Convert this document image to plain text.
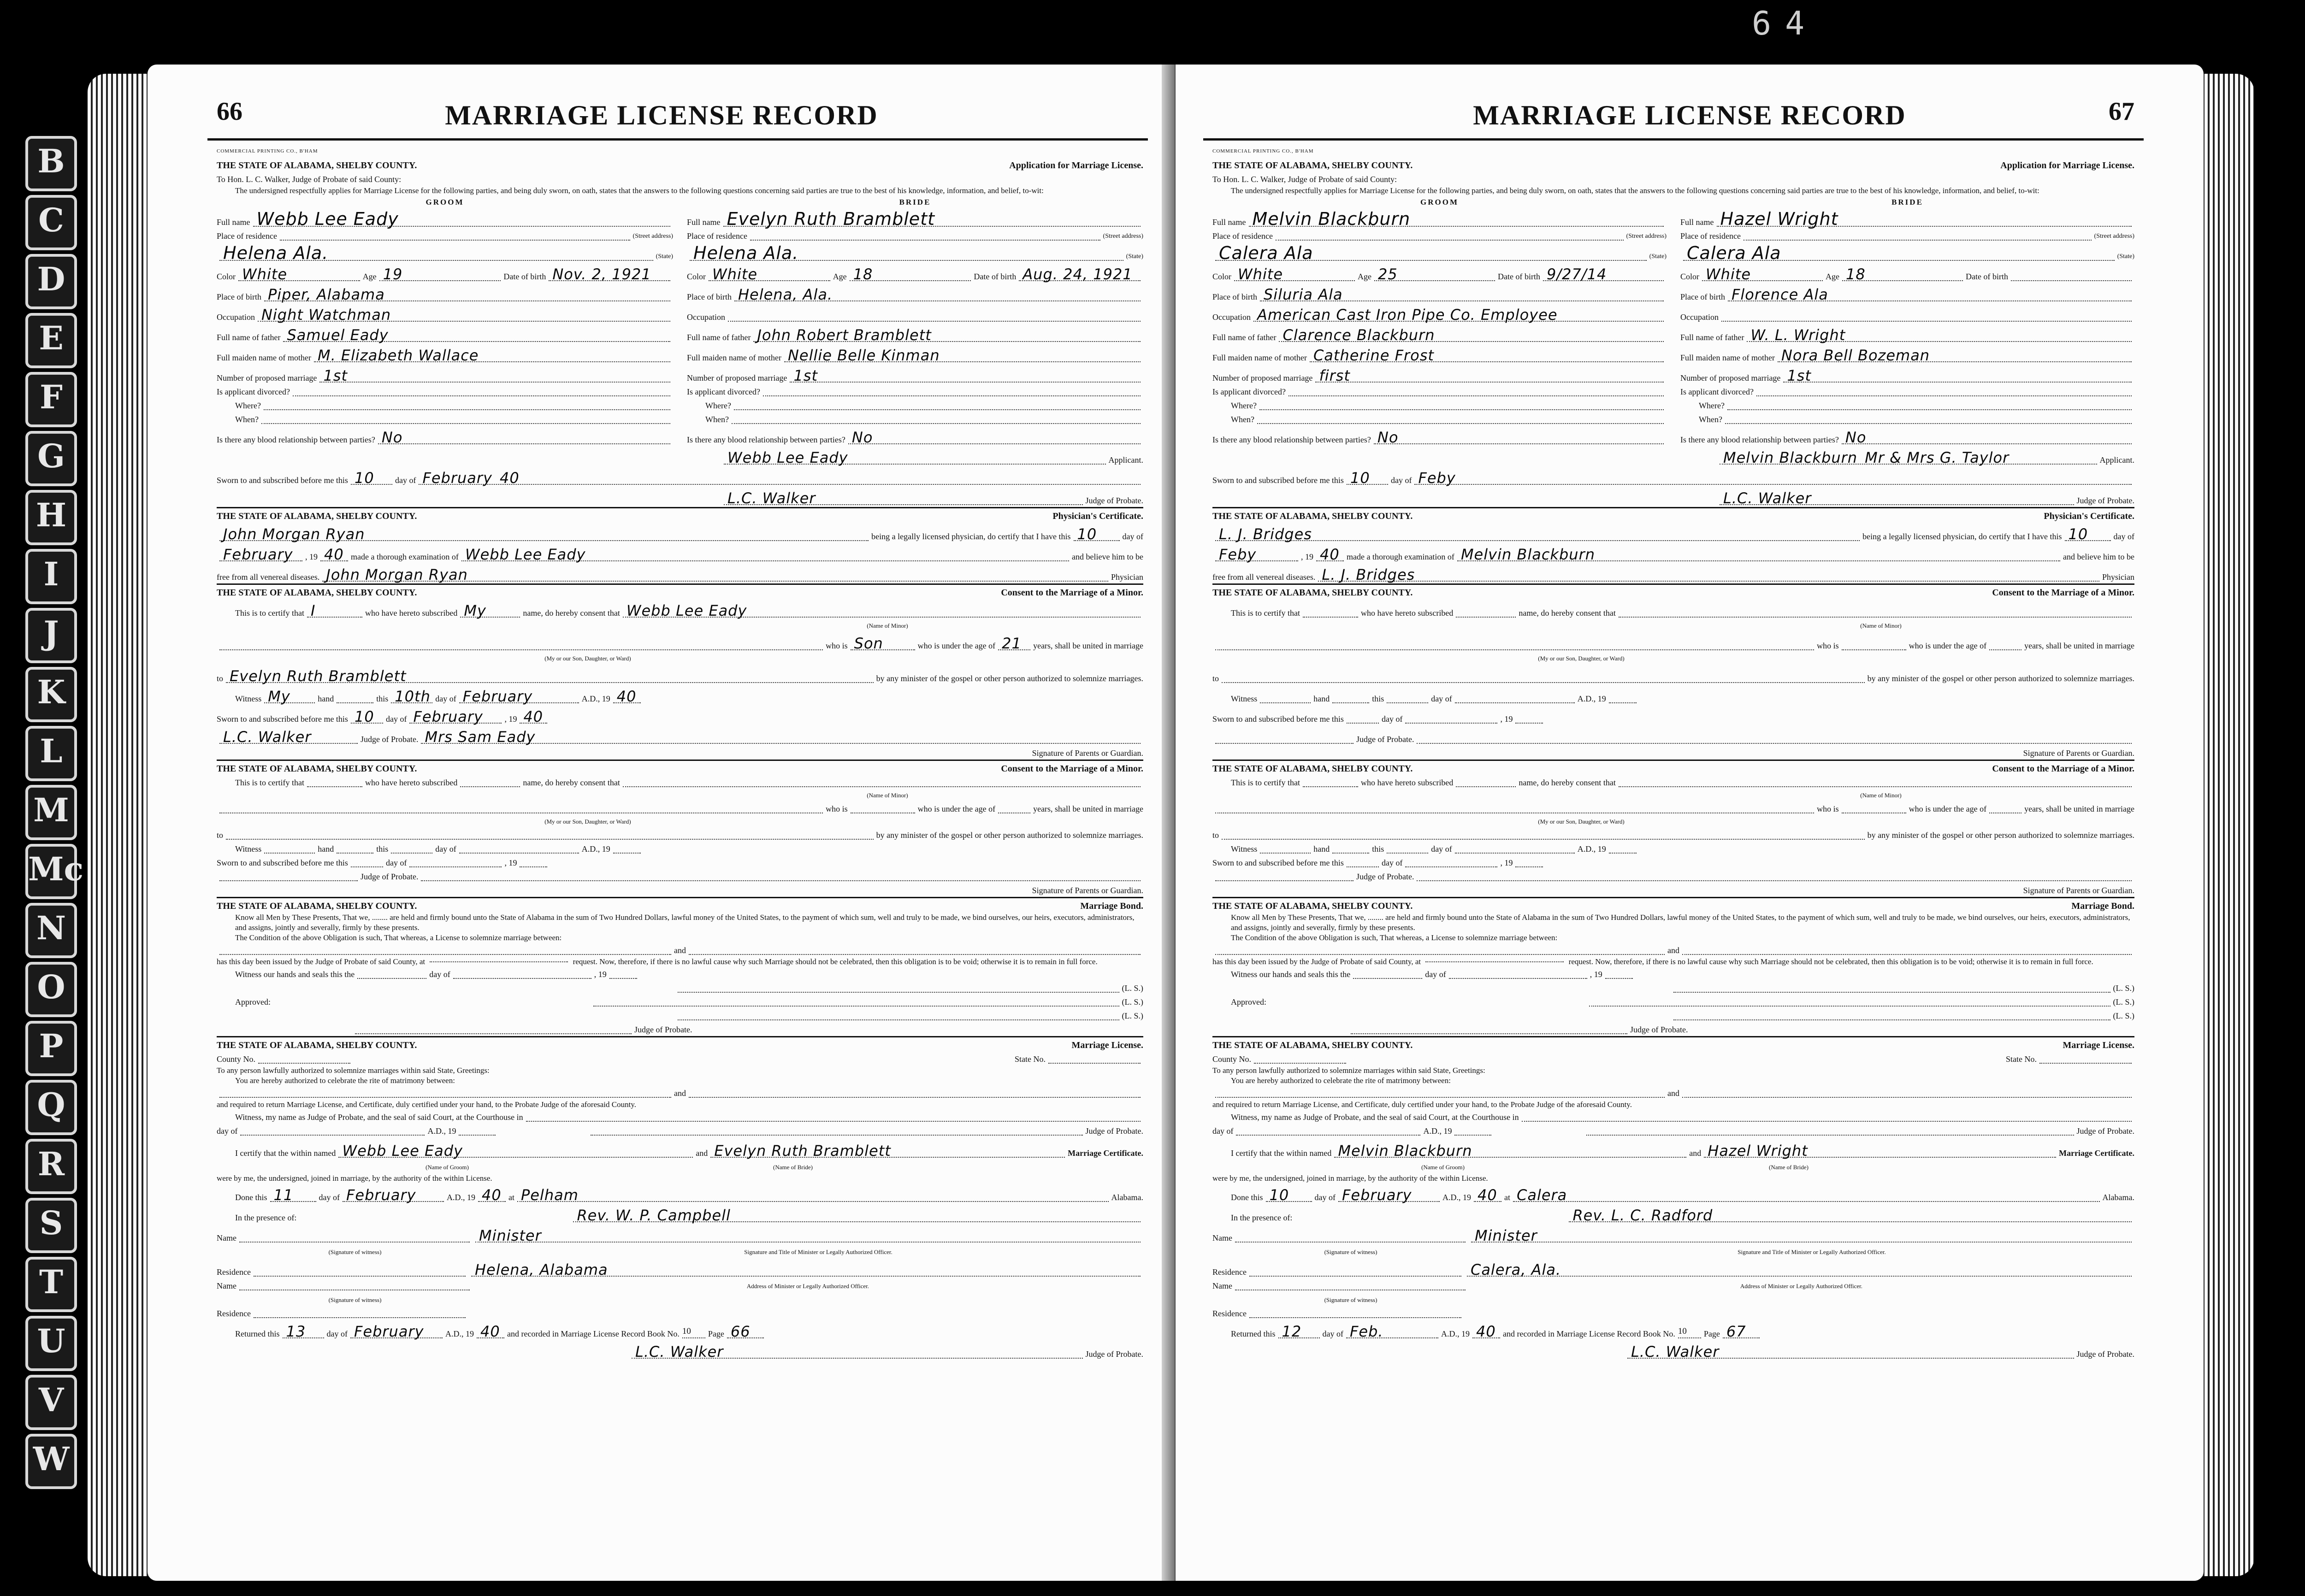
B
C
D
E
F
G
H
I
J
K
L
M
Mc
N
O
P
Q
R
S
T
U
V
W
64
66	MARRIAGE LICENSE RECORD
COMMERCIAL PRINTING CO., B'HAM
THE STATE OF ALABAMA, SHELBY COUNTY.	Application for Marriage License.
To Hon. L. C. Walker, Judge of Probate of said County:
The undersigned respectfully applies for Marriage License for the following parties, and being duly sworn, on oath, states that the answers to the following questions concerning said parties are true to the best of his knowledge, information, and belief, to-wit:
GROOM
Full name Webb Lee Eady
Place of residence	(Street address)
Helena Ala.	(State)
Color White	Age 19	Date of birth Nov. 2, 1921
Place of birth Piper, Alabama
Occupation Night Watchman
Full name of father Samuel Eady
Full maiden name of mother M. Elizabeth Wallace
Number of proposed marriage 1st
Is applicant divorced?
Where?
When?
Is there any blood relationship between parties? No
BRIDE
Full name Evelyn Ruth Bramblett
Place of residence	(Street address)
Helena Ala.	(State)
Color White	Age 18	Date of birth Aug. 24, 1921
Place of birth Helena, Ala.
Occupation
Full name of father John Robert Bramblett
Full maiden name of mother Nellie Belle Kinman
Number of proposed marriage 1st
Is applicant divorced?
Where?
When?
Is there any blood relationship between parties? No
Webb Lee Eady	Applicant.
Sworn to and subscribed before me this 10	day of February 40
L.C. Walker	Judge of Probate.
THE STATE OF ALABAMA, SHELBY COUNTY.	Physician's Certificate.
John Morgan Ryan	being a legally licensed physician, do certify that I have this 10	day of
February	, 19 40 made a thorough examination of Webb Lee Eady	and believe him to be
free from all venereal diseases. John Morgan Ryan	Physician
THE STATE OF ALABAMA, SHELBY COUNTY.	Consent to the Marriage of a Minor.
This is to certify that I	who have hereto subscribed My	name, do hereby consent that Webb Lee Eady
(Name of Minor)
who is Son	who is under the age of 21	years, shall be united in marriage
(My or our Son, Daughter, or Ward)
to Evelyn Ruth Bramblett	by any minister of the gospel or other person authorized to solemnize marriages.
Witness My	hand	this 10th day of February	A.D., 19 40
Sworn to and subscribed before me this 10	day of February	, 19 40
L.C. Walker	Judge of Probate. Mrs Sam Eady
Signature of Parents or Guardian.
THE STATE OF ALABAMA, SHELBY COUNTY.	Consent to the Marriage of a Minor.
This is to certify that	who have hereto subscribed	name, do hereby consent that
(Name of Minor)
who is	who is under the age of	years, shall be united in marriage
(My or our Son, Daughter, or Ward)
to	by any minister of the gospel or other person authorized to solemnize marriages.
Witness	hand	this	day of	A.D., 19
Sworn to and subscribed before me this	day of	, 19
Judge of Probate.
Signature of Parents or Guardian.
THE STATE OF ALABAMA, SHELBY COUNTY.	Marriage Bond.
Know all Men by These Presents, That we, ........ are held and firmly bound unto the State of Alabama in the sum of Two Hundred Dollars, lawful money of the United States, to the payment of which sum, well and truly to be made, we bind ourselves, our heirs, executors, administrators, and assigns, jointly and severally, firmly by these presents.
The Condition of the above Obligation is such, That whereas, a License to solemnize marriage between:
and
has this day been issued by the Judge of Probate of said County, at	request. Now, therefore, if there is no lawful cause why such Marriage should not be celebrated, then this obligation is to be void; otherwise it is to remain in full force.
Witness our hands and seals this the	day of	, 19
(L. S.)
Approved:	(L. S.)
(L. S.)
Judge of Probate.
THE STATE OF ALABAMA, SHELBY COUNTY.	Marriage License.
County No.	State No.
To any person lawfully authorized to solemnize marriages within said State, Greetings:
You are hereby authorized to celebrate the rite of matrimony between:
and
and required to return Marriage License, and Certificate, duly certified under your hand, to the Probate Judge of the aforesaid County.
Witness, my name as Judge of Probate, and the seal of said Court, at the Courthouse in
day of	A.D., 19	Judge of Probate.
I certify that the within named Webb Lee Eady	and Evelyn Ruth Bramblett	Marriage Certificate.
(Name of Groom)	(Name of Bride)
were by me, the undersigned, joined in marriage, by the authority of the within License.
Done this 11	day of February	A.D., 19 40 at Pelham	Alabama.
In the presence of:	Rev. W. P. Campbell
Name	Minister
(Signature of witness)	Signature and Title of Minister or Legally Authorized Officer.
Residence	Helena, Alabama
Name	Address of Minister or Legally Authorized Officer.
(Signature of witness)
Residence
Returned this 13	day of February	A.D., 19 40 and recorded in Marriage License Record Book No. 10	Page 66
L.C. Walker	Judge of Probate.
67
MARRIAGE LICENSE RECORD
COMMERCIAL PRINTING CO., B'HAM
THE STATE OF ALABAMA, SHELBY COUNTY.	Application for Marriage License.
To Hon. L. C. Walker, Judge of Probate of said County:
The undersigned respectfully applies for Marriage License for the following parties, and being duly sworn, on oath, states that the answers to the following questions concerning said parties are true to the best of his knowledge, information, and belief, to-wit:
GROOM
Full name Melvin Blackburn
Place of residence	(Street address)
Calera Ala	(State)
Color White	Age 25	Date of birth 9/27/14
Place of birth Siluria Ala
Occupation American Cast Iron Pipe Co. Employee
Full name of father Clarence Blackburn
Full maiden name of mother Catherine Frost
Number of proposed marriage first
Is applicant divorced?
Where?
When?
Is there any blood relationship between parties? No
BRIDE
Full name Hazel Wright
Place of residence	(Street address)
Calera Ala	(State)
Color White	Age 18	Date of birth
Place of birth Florence Ala
Occupation
Full name of father W. L. Wright
Full maiden name of mother Nora Bell Bozeman
Number of proposed marriage 1st
Is applicant divorced?
Where?
When?
Is there any blood relationship between parties? No
Melvin Blackburn Mr & Mrs G. Taylor	Applicant.
Sworn to and subscribed before me this 10	day of Feby
L.C. Walker	Judge of Probate.
THE STATE OF ALABAMA, SHELBY COUNTY.	Physician's Certificate.
L. J. Bridges	being a legally licensed physician, do certify that I have this 10	day of
Feby	, 19 40 made a thorough examination of Melvin Blackburn	and believe him to be
free from all venereal diseases. L. J. Bridges	Physician
THE STATE OF ALABAMA, SHELBY COUNTY.	Consent to the Marriage of a Minor.
This is to certify that	who have hereto subscribed	name, do hereby consent that
(Name of Minor)
who is	who is under the age of	years, shall be united in marriage
(My or our Son, Daughter, or Ward)
to	by any minister of the gospel or other person authorized to solemnize marriages.
Witness	hand	this	day of	A.D., 19
Sworn to and subscribed before me this	day of	, 19
Judge of Probate.
Signature of Parents or Guardian.
THE STATE OF ALABAMA, SHELBY COUNTY.	Consent to the Marriage of a Minor.
This is to certify that	who have hereto subscribed	name, do hereby consent that
(Name of Minor)
who is	who is under the age of	years, shall be united in marriage
(My or our Son, Daughter, or Ward)
to	by any minister of the gospel or other person authorized to solemnize marriages.
Witness	hand	this	day of	A.D., 19
Sworn to and subscribed before me this	day of	, 19
Judge of Probate.
Signature of Parents or Guardian.
THE STATE OF ALABAMA, SHELBY COUNTY.	Marriage Bond.
Know all Men by These Presents, That we, ........ are held and firmly bound unto the State of Alabama in the sum of Two Hundred Dollars, lawful money of the United States, to the payment of which sum, well and truly to be made, we bind ourselves, our heirs, executors, administrators, and assigns, jointly and severally, firmly by these presents.
The Condition of the above Obligation is such, That whereas, a License to solemnize marriage between:
and
has this day been issued by the Judge of Probate of said County, at	request. Now, therefore, if there is no lawful cause why such Marriage should not be celebrated, then this obligation is to be void; otherwise it is to remain in full force.
Witness our hands and seals this the	day of	, 19
(L. S.)
Approved:	(L. S.)
(L. S.)
Judge of Probate.
THE STATE OF ALABAMA, SHELBY COUNTY.	Marriage License.
County No.	State No.
To any person lawfully authorized to solemnize marriages within said State, Greetings:
You are hereby authorized to celebrate the rite of matrimony between:
and
and required to return Marriage License, and Certificate, duly certified under your hand, to the Probate Judge of the aforesaid County.
Witness, my name as Judge of Probate, and the seal of said Court, at the Courthouse in
day of	A.D., 19	Judge of Probate.
I certify that the within named Melvin Blackburn	and Hazel Wright	Marriage Certificate.
(Name of Groom)	(Name of Bride)
were by me, the undersigned, joined in marriage, by the authority of the within License.
Done this 10	day of February	A.D., 19 40 at Calera	Alabama.
In the presence of:	Rev. L. C. Radford
Name	Minister
(Signature of witness)	Signature and Title of Minister or Legally Authorized Officer.
Residence	Calera, Ala.
Name	Address of Minister or Legally Authorized Officer.
(Signature of witness)
Residence
Returned this 12	day of Feb.	A.D., 19 40 and recorded in Marriage License Record Book No. 10	Page 67
L.C. Walker	Judge of Probate.
